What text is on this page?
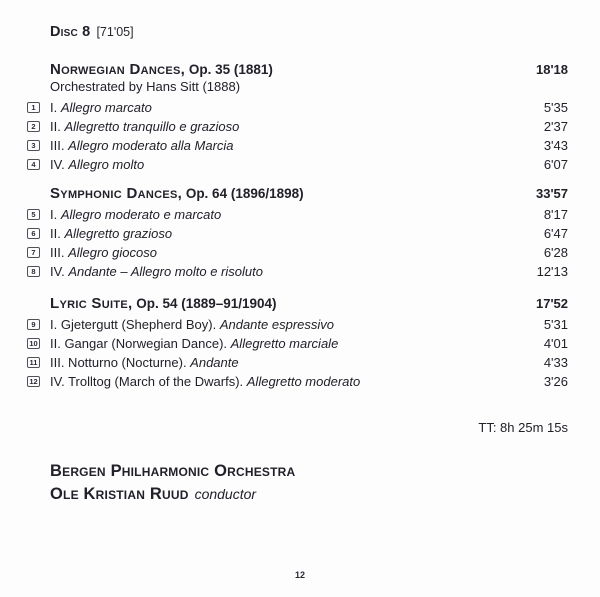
Disc 8 [71'05]
Norwegian Dances, Op. 35 (1881)	18'18
Orchestrated by Hans Sitt (1888)
1 I. Allegro marcato	5'35
2 II. Allegretto tranquillo e grazioso	2'37
3 III. Allegro moderato alla Marcia	3'43
4 IV. Allegro molto	6'07
Symphonic Dances, Op. 64 (1896/1898)	33'57
5 I. Allegro moderato e marcato	8'17
6 II. Allegretto grazioso	6'47
7 III. Allegro giocoso	6'28
8 IV. Andante – Allegro molto e risoluto	12'13
Lyric Suite, Op. 54 (1889–91/1904)	17'52
9 I. Gjetergutt (Shepherd Boy). Andante espressivo	5'31
10 II. Gangar (Norwegian Dance). Allegretto marciale	4'01
11 III. Notturno (Nocturne). Andante	4'33
12 IV. Trolltog (March of the Dwarfs). Allegretto moderato	3'26
TT: 8h 25m 15s
Bergen Philharmonic Orchestra
Ole Kristian Ruud conductor
12
